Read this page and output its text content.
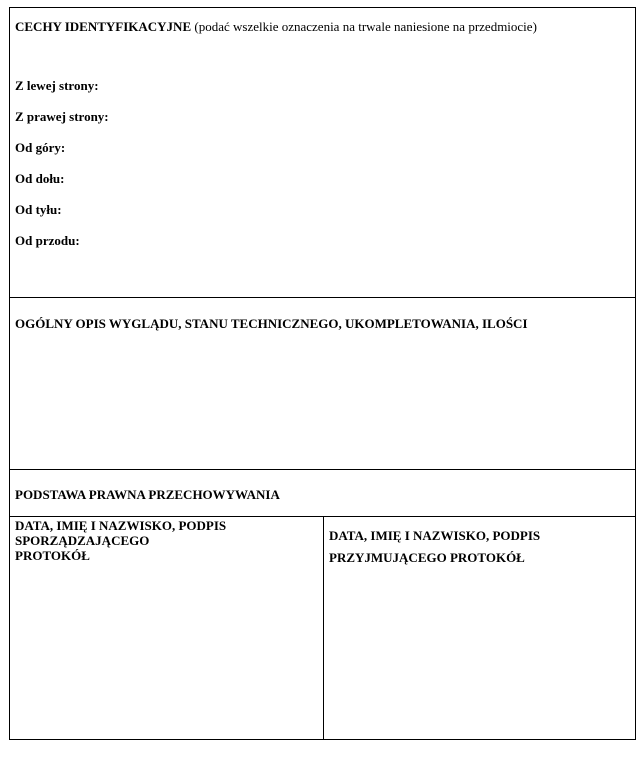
CECHY IDENTYFIKACYJNE (podać wszelkie oznaczenia na trwale naniesione na przedmiocie)
Z lewej strony:
Z prawej strony:
Od góry:
Od dołu:
Od tyłu:
Od przodu:
OGÓLNY OPIS WYGLĄDU, STANU TECHNICZNEGO, UKOMPLETOWANIA, ILOŚCI
PODSTAWA PRAWNA PRZECHOWYWANIA
DATA, IMIĘ I NAZWISKO, PODPIS
SPORZĄDZAJĄCEGO
PROTOKÓŁ
DATA, IMIĘ I NAZWISKO, PODPIS
PRZYJMUJĄCEGO PROTOKÓŁ
